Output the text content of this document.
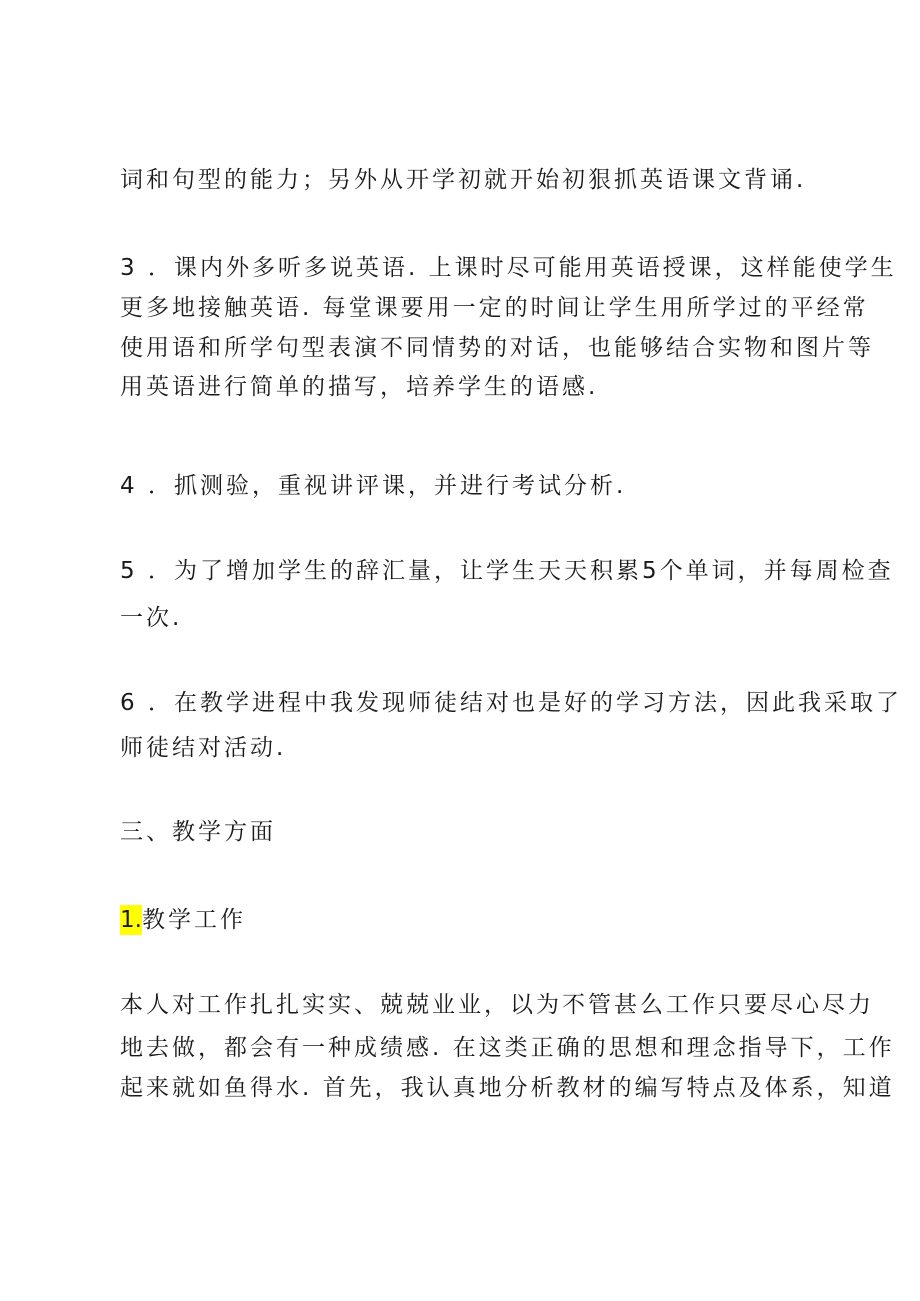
词和句型的能力；另外从开学初就开始初狠抓英语课文背诵.
3 ．课内外多听多说英语. 上课时尽可能用英语授课，这样能使学生
更多地接触英语. 每堂课要用一定的时间让学生用所学过的平经常
使用语和所学句型表演不同情势的对话，也能够结合实物和图片等
用英语进行简单的描写，培养学生的语感.
4 ．抓测验，重视讲评课，并进行考试分析.
5 ．为了增加学生的辞汇量，让学生天天积累5个单词，并每周检查
一次.
6 ．在教学进程中我发现师徒结对也是好的学习方法，因此我采取了
师徒结对活动.
三、教学方面
1.教学工作
本人对工作扎扎实实、兢兢业业，以为不管甚么工作只要尽心尽力
地去做，都会有一种成绩感. 在这类正确的思想和理念指导下，工作
起来就如鱼得水. 首先，我认真地分析教材的编写特点及体系，知道
